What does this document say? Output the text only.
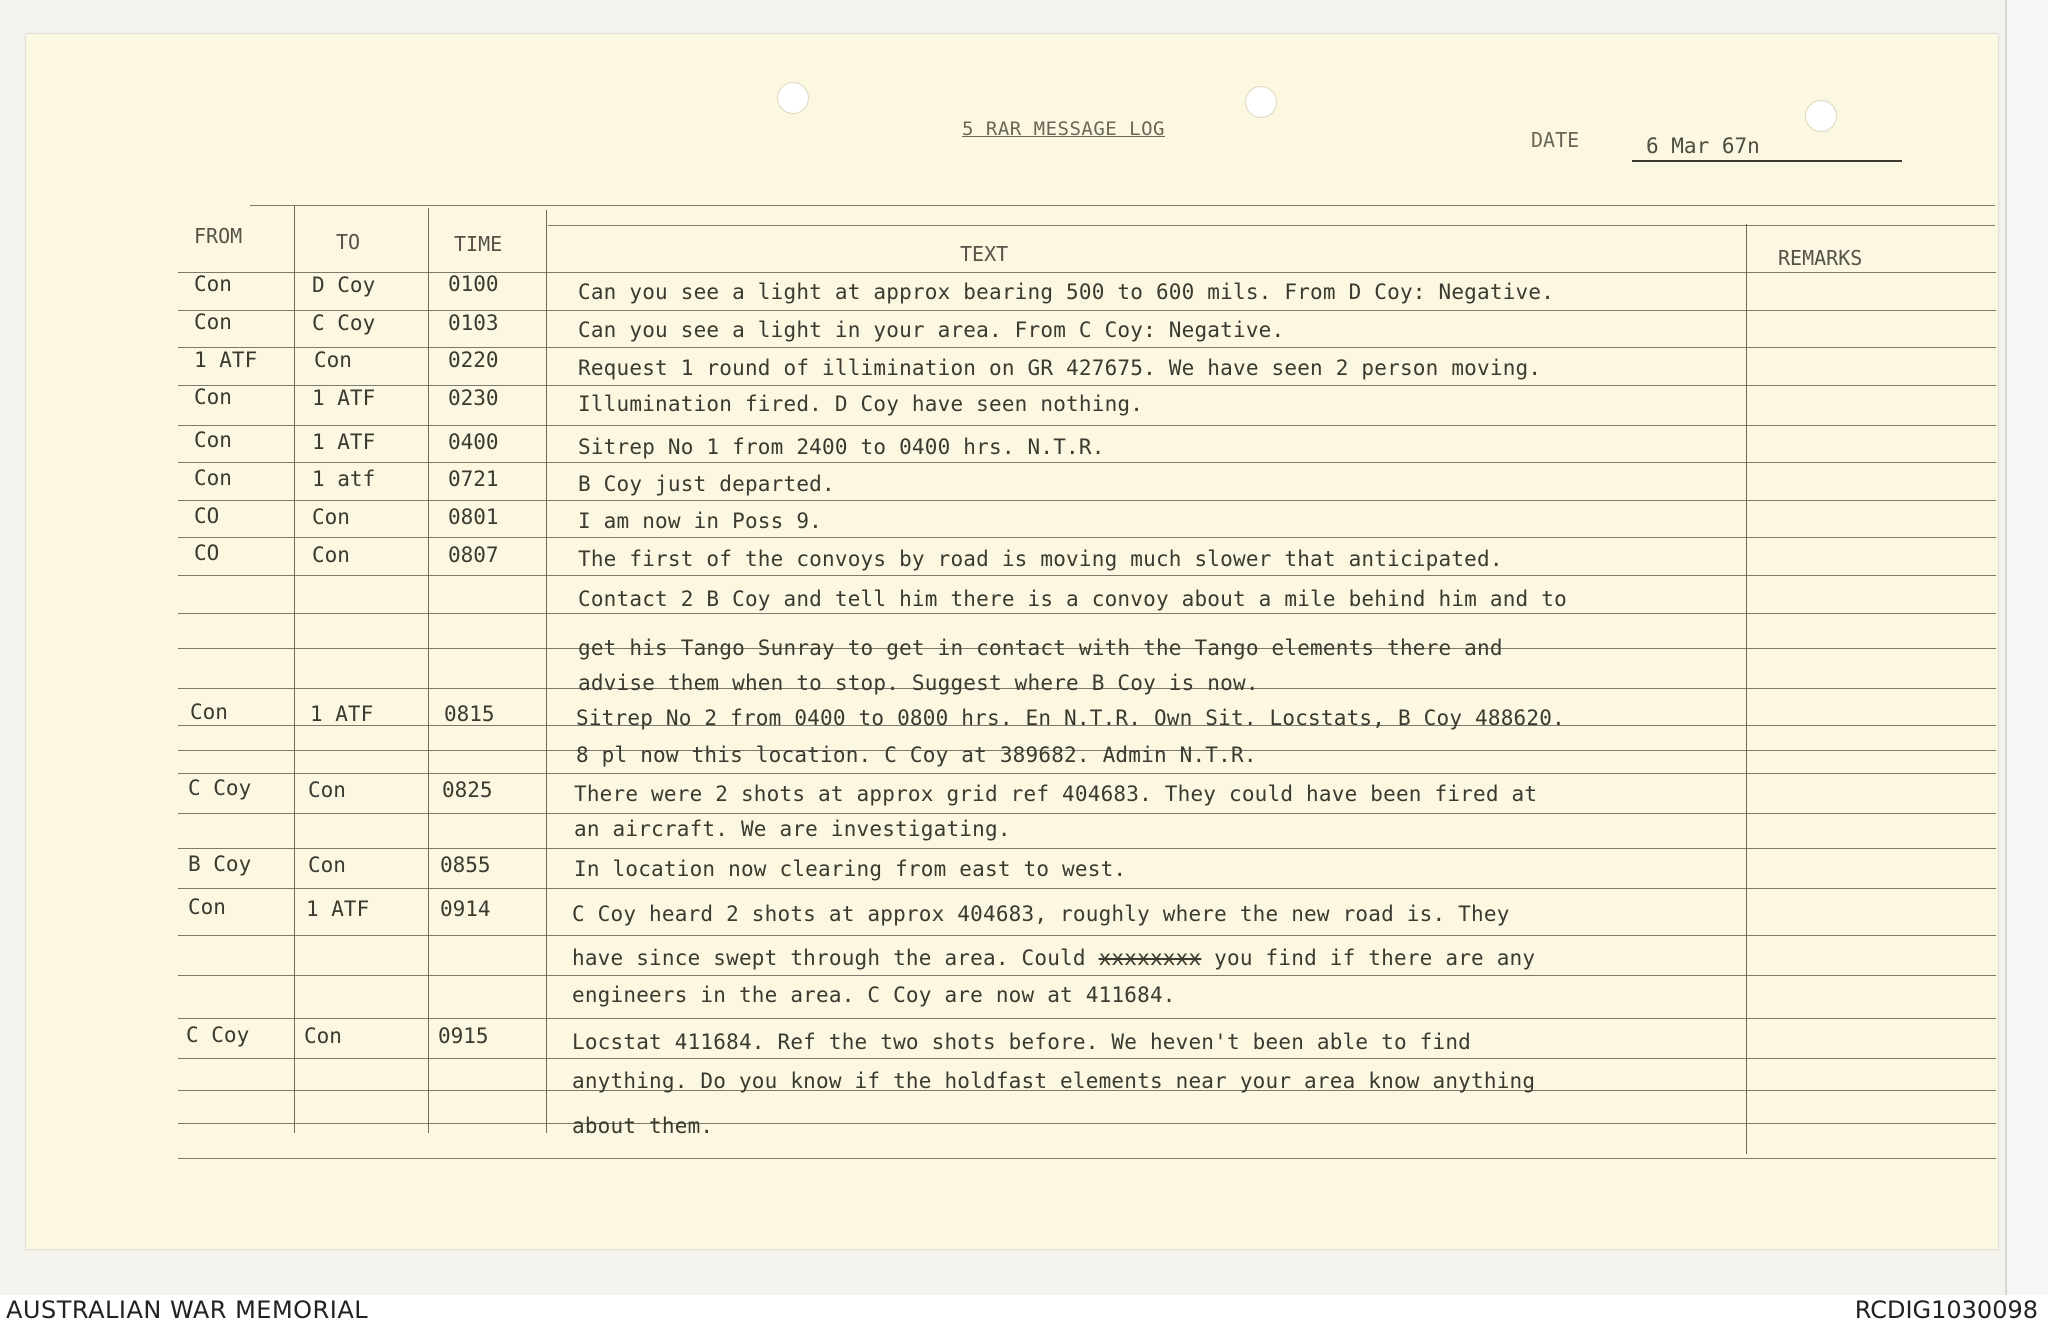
5 RAR MESSAGE LOG	DATE	6 Mar 67n
FROM	TO	TIME	TEXT	REMARKS
Con	D Coy	0100	Can you see a light at approx bearing 500 to 600 mils. From D Coy: Negative.
Con	C Coy	0103	Can you see a light in your area. From C Coy: Negative.
1 ATF	Con	0220	Request 1 round of illimination on GR 427675. We have seen 2 person moving.
Con	1 ATF	0230	Illumination fired. D Coy have seen nothing.
Con	1 ATF	0400	Sitrep No 1 from 2400 to 0400 hrs. N.T.R.
Con	1 atf	0721	B Coy just departed.
CO	Con	0801	I am now in Poss 9.
CO	Con	0807	The first of the convoys by road is moving much slower that anticipated.
Contact 2 B Coy and tell him there is a convoy about a mile behind him and to
get his Tango Sunray to get in contact with the Tango elements there and
advise them when to stop. Suggest where B Coy is now.
Con	1 ATF	0815	Sitrep No 2 from 0400 to 0800 hrs. En N.T.R. Own Sit. Locstats, B Coy 488620.
8 pl now this location. C Coy at 389682. Admin N.T.R.
C Coy	Con	0825	There were 2 shots at approx grid ref 404683. They could have been fired at
an aircraft. We are investigating.
B Coy	Con	0855	In location now clearing from east to west.
Con	1 ATF	0914	C Coy heard 2 shots at approx 404683, roughly where the new road is. They
have since swept through the area. Could xxxxxxxx you find if there are any
engineers in the area. C Coy are now at 411684.
C Coy	Con	0915	Locstat 411684. Ref the two shots before. We heven't been able to find
anything. Do you know if the holdfast elements near your area know anything
about them.
AUSTRALIAN WAR MEMORIAL	RCDIG1030098
